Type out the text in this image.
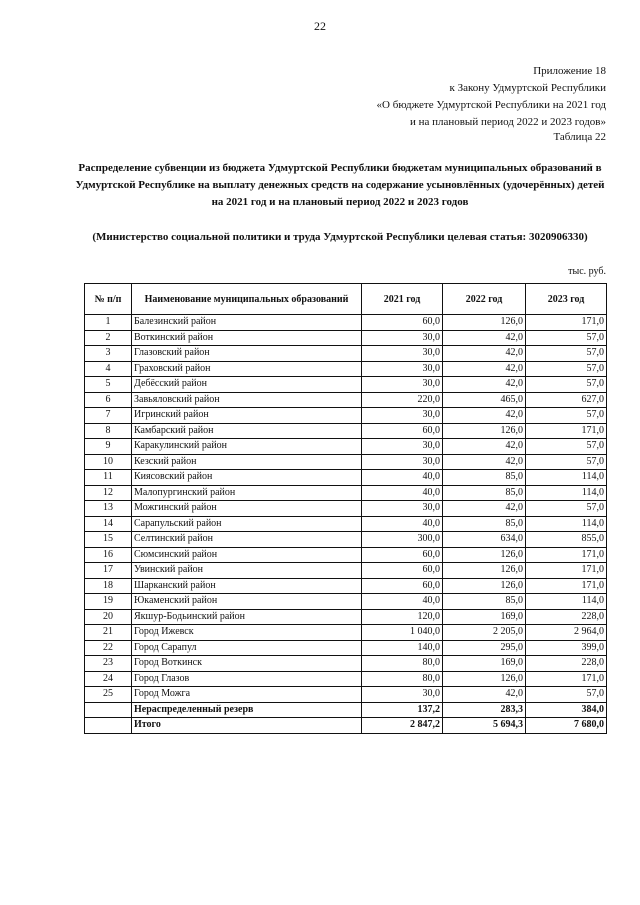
22
Приложение 18
к Закону Удмуртской Республики
«О бюджете Удмуртской Республики на 2021 год
и на плановый период 2022 и 2023 годов»
Таблица 22
Распределение субвенции из бюджета Удмуртской Республики бюджетам муниципальных образований в Удмуртской Республике на выплату денежных средств на содержание усыновлённых (удочерённых) детей на 2021 год и на плановый период 2022 и 2023 годов
(Министерство социальной политики и труда Удмуртской Республики целевая статья: 3020906330)
тыс. руб.
№ п/п	Наименование муниципальных образований	2021 год	2022 год	2023 год
1	Балезинский район	60,0	126,0	171,0
2	Воткинский район	30,0	42,0	57,0
3	Глазовский район	30,0	42,0	57,0
4	Граховский район	30,0	42,0	57,0
5	Дебёсский район	30,0	42,0	57,0
6	Завьяловский район	220,0	465,0	627,0
7	Игринский район	30,0	42,0	57,0
8	Камбарский район	60,0	126,0	171,0
9	Каракулинский район	30,0	42,0	57,0
10	Кезский район	30,0	42,0	57,0
11	Киясовский район	40,0	85,0	114,0
12	Малопургинский район	40,0	85,0	114,0
13	Можгинский район	30,0	42,0	57,0
14	Сарапульский район	40,0	85,0	114,0
15	Селтинский район	300,0	634,0	855,0
16	Сюмсинский район	60,0	126,0	171,0
17	Увинский район	60,0	126,0	171,0
18	Шарканский район	60,0	126,0	171,0
19	Юкаменский район	40,0	85,0	114,0
20	Якшур-Бодьинский район	120,0	169,0	228,0
21	Город Ижевск	1 040,0	2 205,0	2 964,0
22	Город Сарапул	140,0	295,0	399,0
23	Город Воткинск	80,0	169,0	228,0
24	Город Глазов	80,0	126,0	171,0
25	Город Можга	30,0	42,0	57,0
	Нераспределенный резерв	137,2	283,3	384,0
	Итого	2 847,2	5 694,3	7 680,0
